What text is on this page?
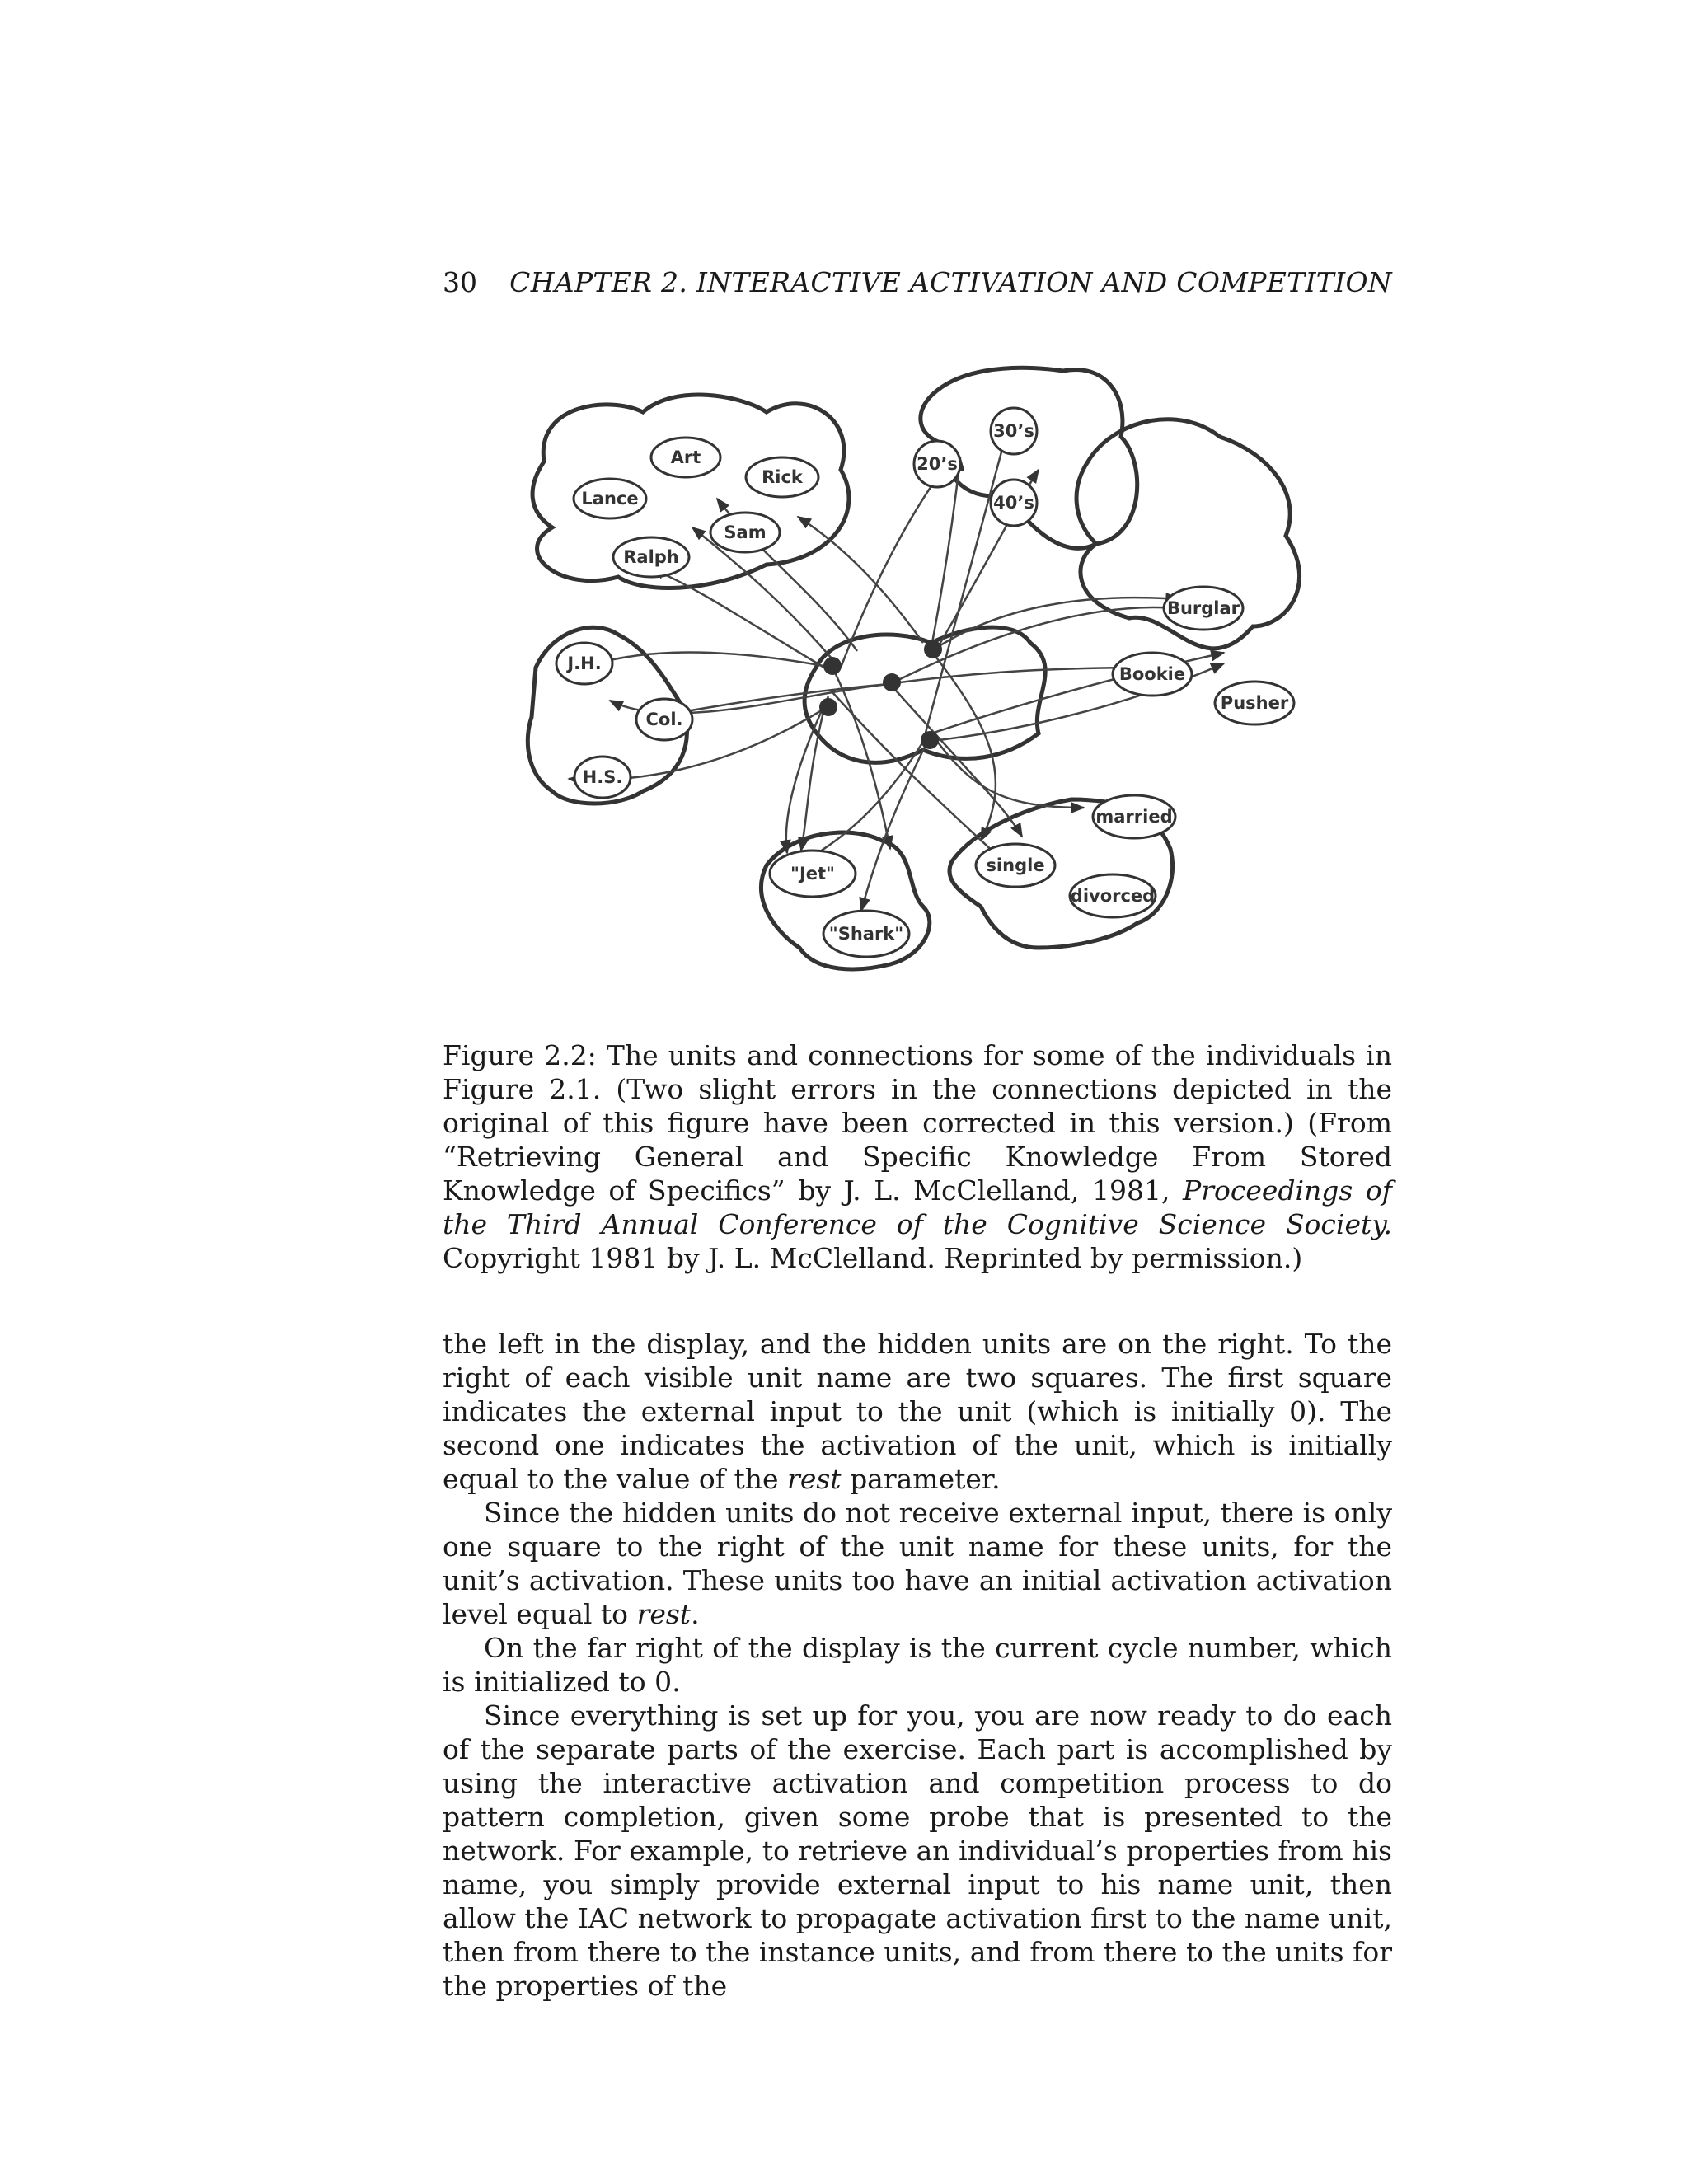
30 CHAPTER 2. INTERACTIVE ACTIVATION AND COMPETITION
Art
Rick
Lance
Sam
Ralph
20’s
30’s
40’s
Burglar
Bookie
Pusher
J.H.
Col.
H.S.
married
single
divorced
"Jet"
"Shark"
Figure 2.2: The units and connections for some of the individuals in Figure 2.1. (Two slight errors in the connections depicted in the original of this figure have been corrected in this version.) (From “Retrieving General and Specific Knowledge From Stored Knowledge of Specifics” by J. L. McClelland, 1981, Proceedings of the Third Annual Conference of the Cognitive Science Society. Copyright 1981 by J. L. McClelland. Reprinted by permission.)

the left in the display, and the hidden units are on the right. To the right of each visible unit name are two squares. The first square indicates the external input to the unit (which is initially 0). The second one indicates the activation of the unit, which is initially equal to the value of the rest parameter.

Since the hidden units do not receive external input, there is only one square to the right of the unit name for these units, for the unit’s activation. These units too have an initial activation activation level equal to rest.

On the far right of the display is the current cycle number, which is initialized to 0.

Since everything is set up for you, you are now ready to do each of the separate parts of the exercise. Each part is accomplished by using the interactive activation and competition process to do pattern completion, given some probe that is presented to the network. For example, to retrieve an individual’s properties from his name, you simply provide external input to his name unit, then allow the IAC network to propagate activation first to the name unit, then from there to the instance units, and from there to the units for the properties of the
